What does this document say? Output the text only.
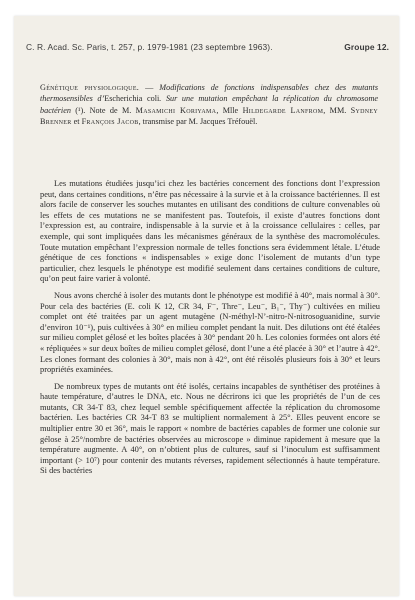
C. R. Acad. Sc. Paris, t. 257, p. 1979-1981 (23 septembre 1963).	Groupe 12.
Génétique physiologique. — Modifications de fonctions indispensables chez des mutants thermosensibles d’Escherichia coli. Sur une mutation empêchant la réplication du chromosome bactérien (¹). Note de M. Masamichi Koriyama, Mlle Hildegarde Lanfrom, MM. Sydney Brenner et François Jacob, transmise par M. Jacques Tréfouël.

Les mutations étudiées jusqu’ici chez les bactéries concernent des fonctions dont l’expression peut, dans certaines conditions, n’être pas nécessaire à la survie et à la croissance bactériennes. Il est alors facile de conserver les souches mutantes en utilisant des conditions de culture convenables où les effets de ces mutations ne se manifestent pas. Toutefois, il existe d’autres fonctions dont l’expression est, au contraire, indispensable à la survie et à la croissance cellulaires : celles, par exemple, qui sont impliquées dans les mécanismes généraux de la synthèse des macromolécules. Toute mutation empêchant l’expression normale de telles fonctions sera évidemment létale. L’étude génétique de ces fonctions « indispensables » exige donc l’isolement de mutants d’un type particulier, chez lesquels le phénotype est modifié seulement dans certaines conditions de culture, qu’on peut faire varier à volonté.

Nous avons cherché à isoler des mutants dont le phénotype est modifié à 40°, mais normal à 30°. Pour cela des bactéries (E. coli K 12, CR 34, F⁻, Thre⁻, Leu⁻, B₁⁻, Thy⁻) cultivées en milieu complet ont été traitées par un agent mutagène (N-méthyl-N’-nitro-N-nitrosoguanidine, survie d’environ 10⁻¹), puis cultivées à 30° en milieu complet pendant la nuit. Des dilutions ont été étalées sur milieu complet gélosé et les boîtes placées à 30° pendant 20 h. Les colonies formées ont alors été « répliquées » sur deux boîtes de milieu complet gélosé, dont l’une a été placée à 30° et l’autre à 42°. Les clones formant des colonies à 30°, mais non à 42°, ont été réisolés plusieurs fois à 30° et leurs propriétés examinées.

De nombreux types de mutants ont été isolés, certains incapables de synthétiser des protéines à haute température, d’autres le DNA, etc. Nous ne décrirons ici que les propriétés de l’un de ces mutants, CR 34-T 83, chez lequel semble spécifiquement affectée la réplication du chromosome bactérien. Les bactéries CR 34-T 83 se multiplient normalement à 25°. Elles peuvent encore se multiplier entre 30 et 36°, mais le rapport « nombre de bactéries capables de former une colonie sur gélose à 25°/nombre de bactéries observées au microscope » diminue rapidement à mesure que la température augmente. A 40°, on n’obtient plus de cultures, sauf si l’inoculum est suffisamment important (> 10⁷) pour contenir des mutants réverses, rapidement sélectionnés à haute température. Si des bactéries
